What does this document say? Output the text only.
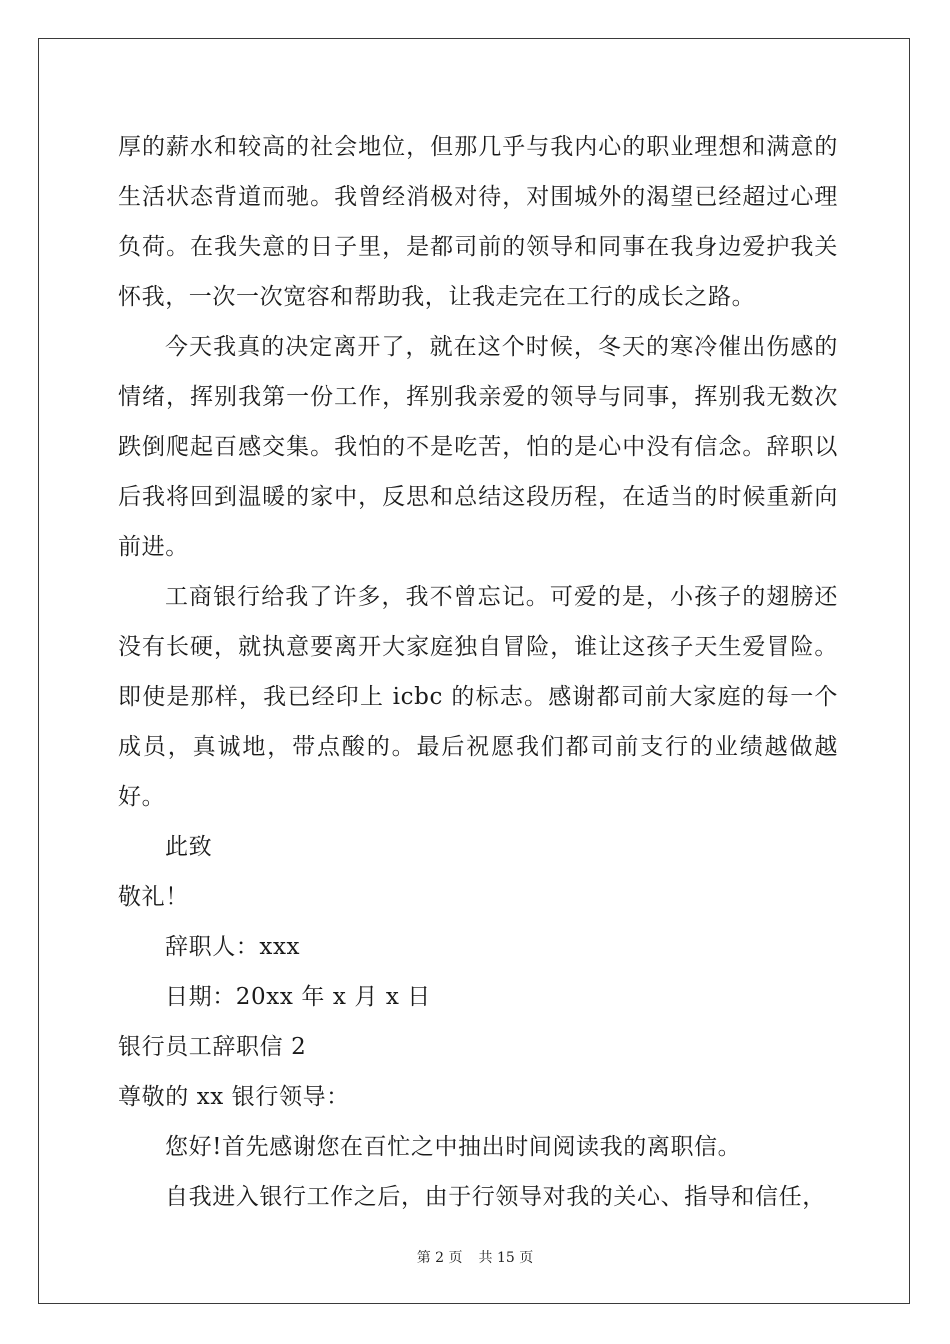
厚的薪水和较高的社会地位，但那几乎与我内心的职业理想和满意的生活状态背道而驰。我曾经消极对待，对围城外的渴望已经超过心理负荷。在我失意的日子里，是都司前的领导和同事在我身边爱护我关怀我，一次一次宽容和帮助我，让我走完在工行的成长之路。

今天我真的决定离开了，就在这个时候，冬天的寒冷催出伤感的情绪，挥别我第一份工作，挥别我亲爱的领导与同事，挥别我无数次跌倒爬起百感交集。我怕的不是吃苦，怕的是心中没有信念。辞职以后我将回到温暖的家中，反思和总结这段历程，在适当的时候重新向前进。

工商银行给我了许多，我不曾忘记。可爱的是，小孩子的翅膀还没有长硬，就执意要离开大家庭独自冒险，谁让这孩子天生爱冒险。即使是那样，我已经印上 icbc 的标志。感谢都司前大家庭的每一个成员，真诚地，带点酸的。最后祝愿我们都司前支行的业绩越做越好。

此致

敬礼！

辞职人：xxx

日期：20xx 年 x 月 x 日

银行员工辞职信 2

尊敬的 xx 银行领导：

您好!首先感谢您在百忙之中抽出时间阅读我的离职信。

自我进入银行工作之后，由于行领导对我的关心、指导和信任，

第 2 页 共 15 页
